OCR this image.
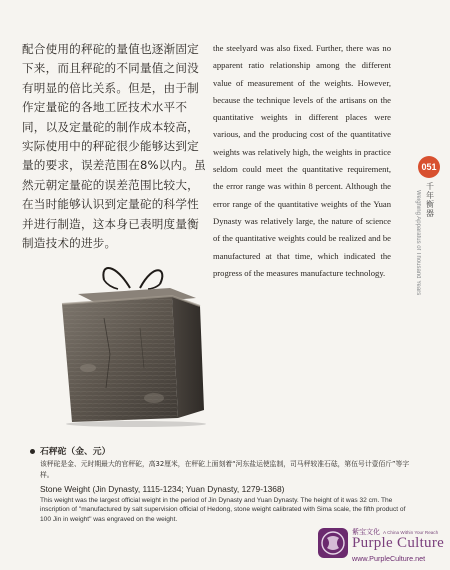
配合使用的秤砣的量值也逐渐固定
下来，而且秤砣的不同量值之间没
有明显的倍比关系。但是，由于制
作定量砣的各地工匠技术水平不
同，以及定量砣的制作成本较高，
实际使用中的秤砣很少能够达到定
量的要求，误差范围在8%以内。虽
然元朝定量砣的误差范围比较大，
在当时能够认识到定量砣的科学性
并进行制造，这本身已表明度量衡
制造技术的进步。

the steelyard was also fixed. Further, there was no apparent ratio relationship among the different value of measurement of the weights. However, because the technique levels of the artisans on the quantitative weights in different places were various, and the producing cost of the quantitative weights was relatively high, the weights in practice seldom could meet the quantitative requirement, the error range was within 8 percent. Although the error range of the quantitative weights of the Yuan Dynasty was relatively large, the nature of science of the quantitative weights could be realized and be manufactured at that time, which indicated the progress of the measures manufacture technology.

051
千
年
衡
器
Weighing Apparatus of Thousand Years
石秤砣（金、元）
该秤砣是金、元时期最大的官秤砣，高32厘米，在秤砣上面刻着“河东盐运使监制，司马秤较准石砝，第伍号计壹佰斤”等字样。
Stone Weight (Jin Dynasty, 1115-1234; Yuan Dynasty, 1279-1368)
This weight was the largest official weight in the period of Jin Dynasty and Yuan Dynasty. The height of it was 32 cm. The inscription of "manufactured by salt supervision official of Hedong, stone weight calibrated with Sima scale, the fifth product of 100 Jin in weight" was engraved on the weight.
紫宝文化 A China Within Your Reach
Purple Culture
www.PurpleCulture.net
